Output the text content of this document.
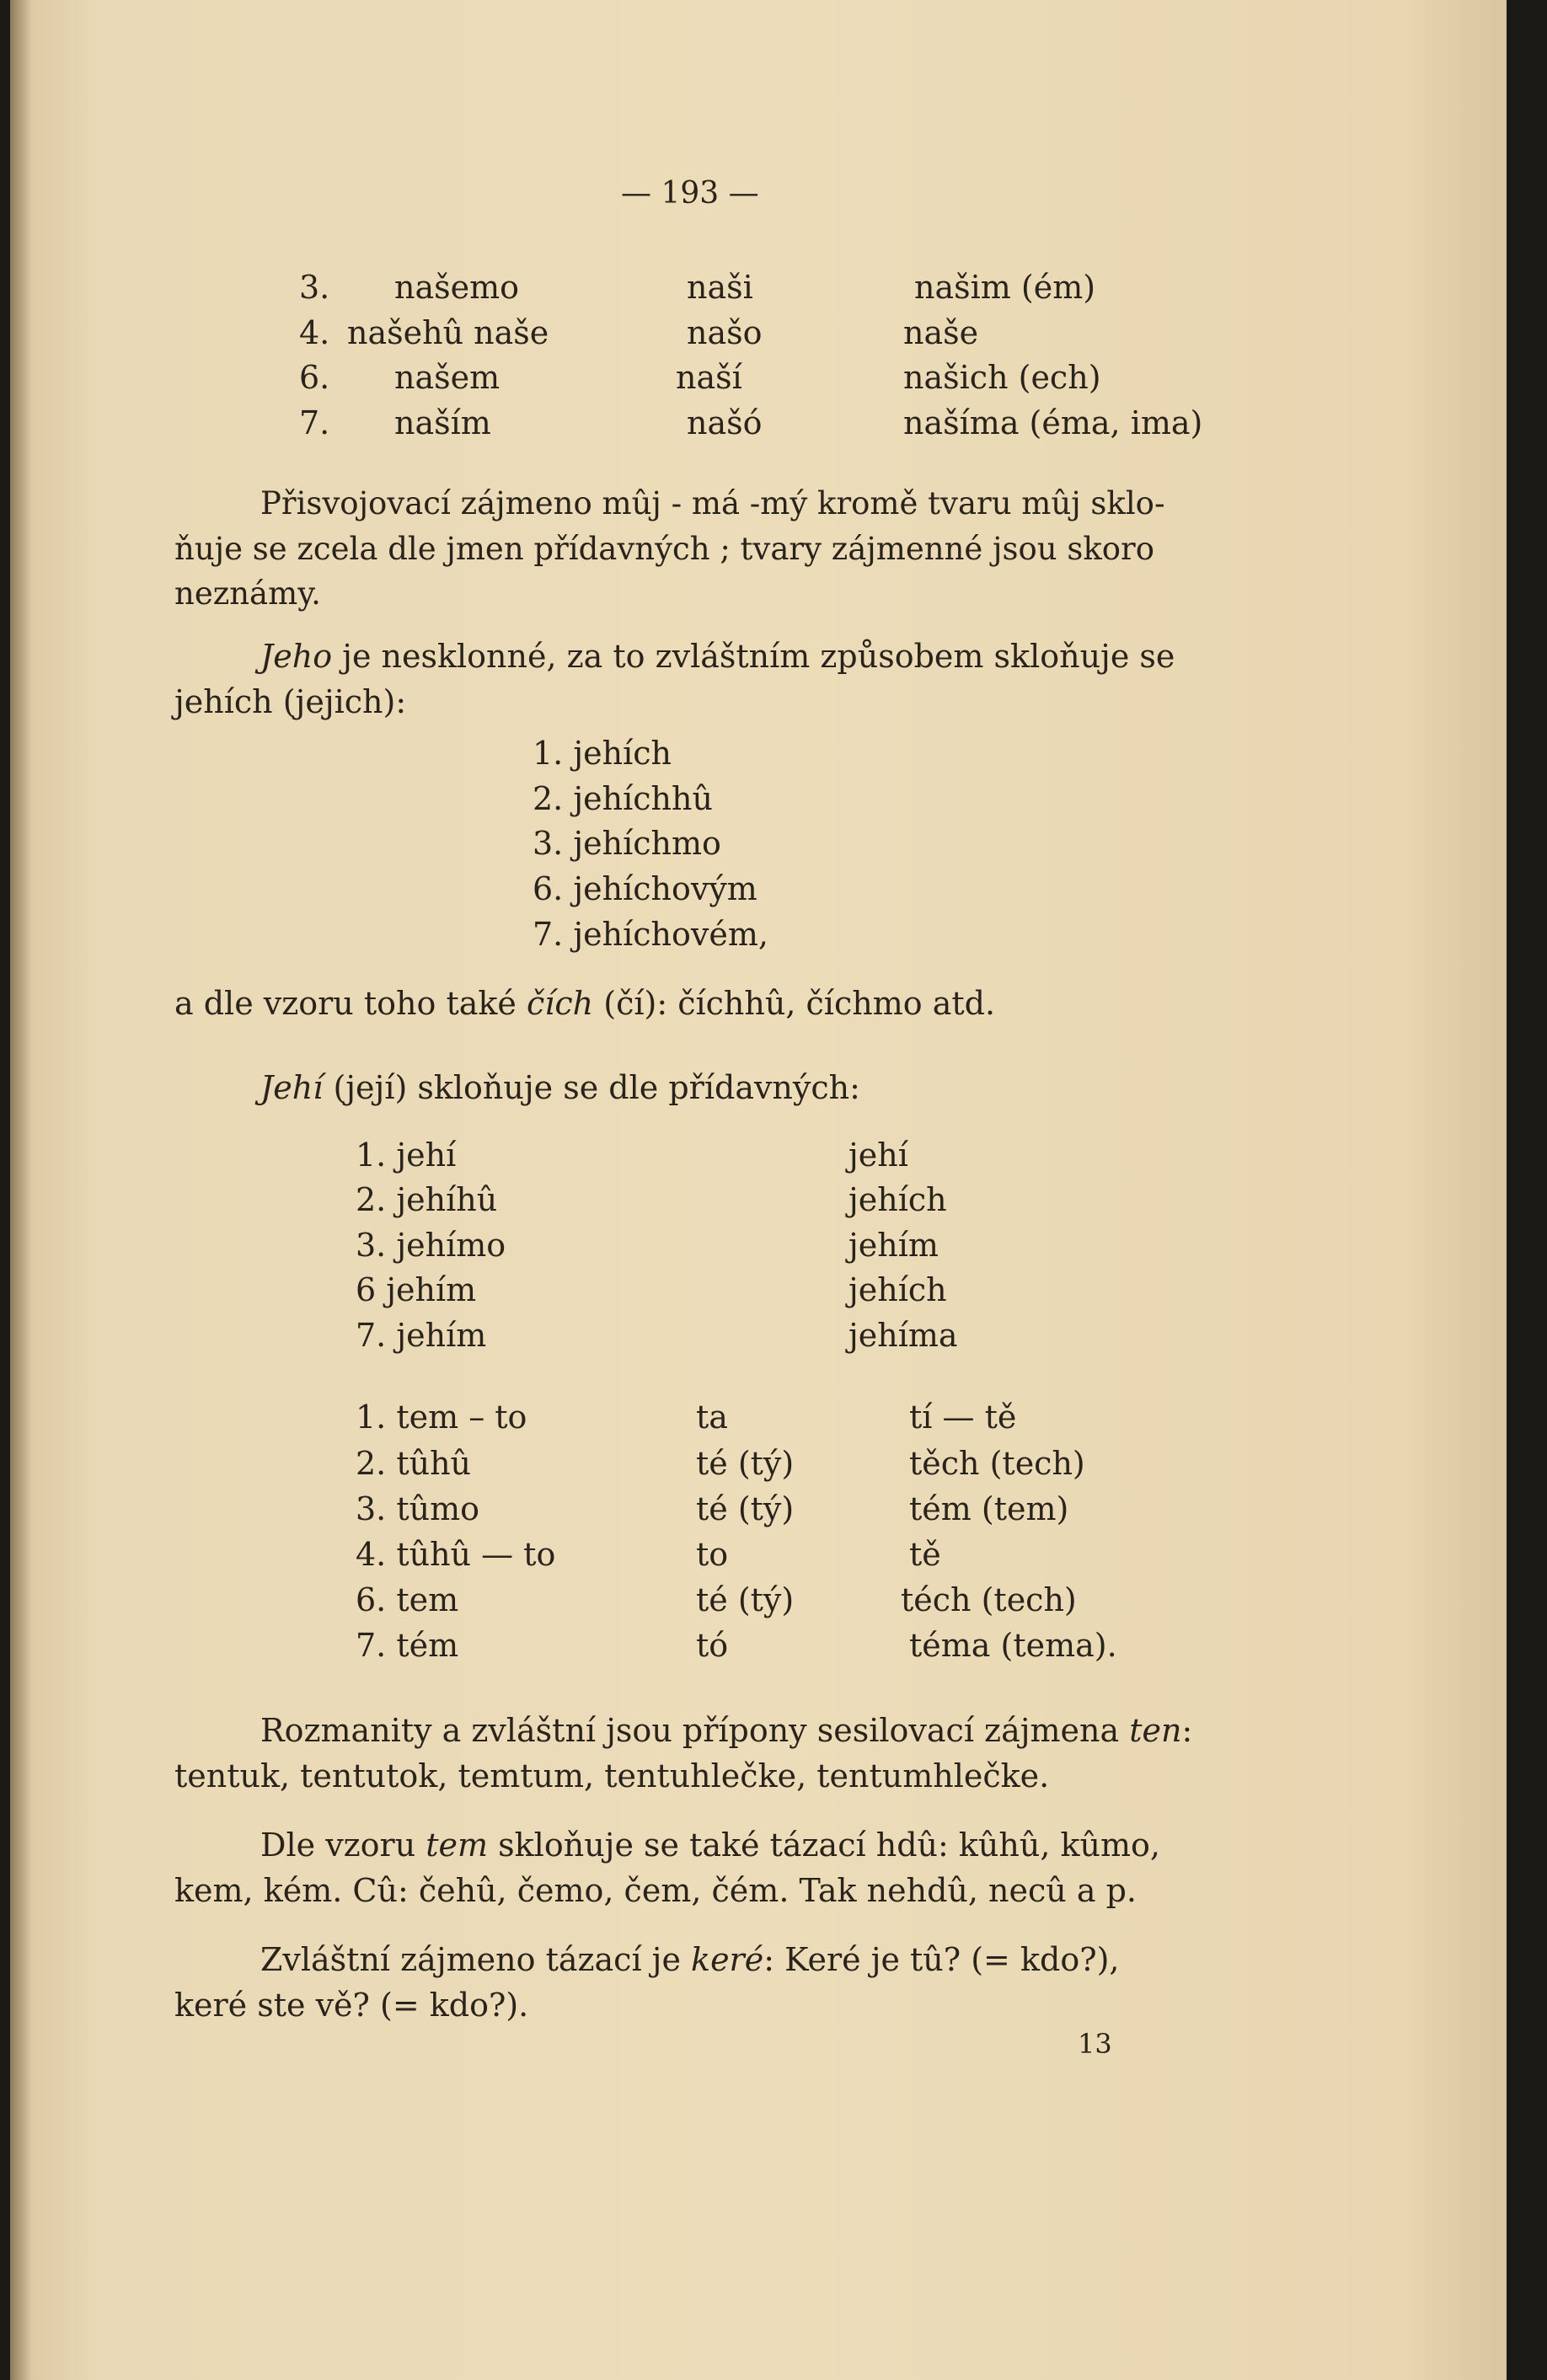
— 193 —
3. našemo	naši	našim (ém)
4. našehû naše	našo	naše
6. našem	naší	našich (ech)
7. naším	našó	našíma (éma, ima)
Přisvojovací zájmeno mûj - má -mý kromě tvaru mûj sklo-
ňuje se zcela dle jmen přídavných ; tvary zájmenné jsou skoro
neznámy.
Jeho je nesklonné, za to zvláštním způsobem skloňuje se
jehích (jejich):
1. jehích
2. jehíchhû
3. jehíchmo
6. jehíchovým
7. jehíchovém,
a dle vzoru toho také čích (čí): číchhû, číchmo atd.
Jehí (její) skloňuje se dle přídavných:
1. jehí	jehí
2. jehíhû	jehích
3. jehímo	jehím
6 jehím	jehích
7. jehím	jehíma
1. tem – to	ta	tí — tě
2. tûhû	té (tý)	těch (tech)
3. tûmo	té (tý)	tém (tem)
4. tûhû — to	to	tě
6. tem	té (tý)	téch (tech)
7. tém	tó	téma (tema).
Rozmanity a zvláštní jsou přípony sesilovací zájmena ten:
tentuk, tentutok, temtum, tentuhlečke, tentumhlečke.
Dle vzoru tem skloňuje se také tázací hdû: kûhû, kûmo,
kem, kém. Cû: čehû, čemo, čem, čém. Tak nehdû, necû a p.
Zvláštní zájmeno tázací je keré: Keré je tû? (= kdo?),
keré ste vě? (= kdo?).
13
